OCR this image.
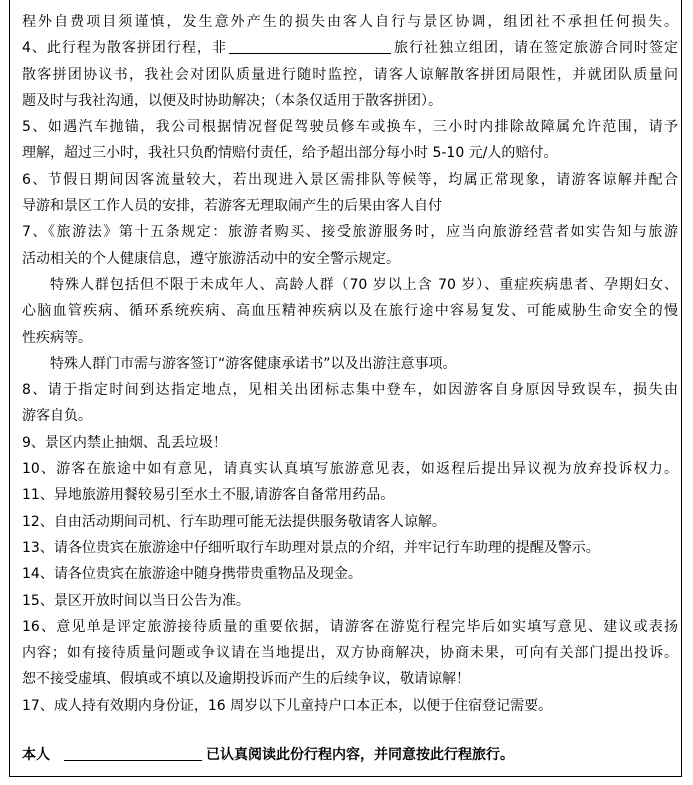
程外自费项目须谨慎，发生意外产生的损失由客人自行与景区协调，组团社不承担任何损失。
4、此行程为散客拼团行程，非	旅行社独立组团，请在签定旅游合同时签定
散客拼团协议书，我社会对团队质量进行随时监控，请客人谅解散客拼团局限性，并就团队质量问
题及时与我社沟通，以便及时协助解决；（本条仅适用于散客拼团）。
5、如遇汽车抛锚，我公司根据情况督促驾驶员修车或换车，三小时内排除故障属允许范围，请予
理解，超过三小时，我社只负酌情赔付责任，给予超出部分每小时 5-10 元/人的赔付。
6、节假日期间因客流量较大，若出现进入景区需排队等候等，均属正常现象，请游客谅解并配合
导游和景区工作人员的安排，若游客无理取闹产生的后果由客人自付
7、《旅游法》第十五条规定：旅游者购买、接受旅游服务时，应当向旅游经营者如实告知与旅游
活动相关的个人健康信息，遵守旅游活动中的安全警示规定。
特殊人群包括但不限于未成年人、高龄人群（70 岁以上含 70 岁）、重症疾病患者、孕期妇女、
心脑血管疾病、循环系统疾病、高血压精神疾病以及在旅行途中容易复发、可能威胁生命安全的慢
性疾病等。
特殊人群门市需与游客签订“游客健康承诺书”以及出游注意事项。
8、请于指定时间到达指定地点，见相关出团标志集中登车，如因游客自身原因导致误车，损失由
游客自负。
9、景区内禁止抽烟、乱丢垃圾！
10、游客在旅途中如有意见，请真实认真填写旅游意见表，如返程后提出异议视为放弃投诉权力。
11、异地旅游用餐较易引至水土不服,请游客自备常用药品。
12、自由活动期间司机、行车助理可能无法提供服务敬请客人谅解。
13、请各位贵宾在旅游途中仔细听取行车助理对景点的介绍，并牢记行车助理的提醒及警示。
14、请各位贵宾在旅游途中随身携带贵重物品及现金。
15、景区开放时间以当日公告为准。
16、意见单是评定旅游接待质量的重要依据，请游客在游览行程完毕后如实填写意见、建议或表扬
内容；如有接待质量问题或争议请在当地提出，双方协商解决，协商未果，可向有关部门提出投诉。
恕不接受虚填、假填或不填以及逾期投诉而产生的后续争议，敬请谅解！
17、成人持有效期内身份证，16 周岁以下儿童持户口本正本，以便于住宿登记需要。
本人	已认真阅读此份行程内容，并同意按此行程旅行。
